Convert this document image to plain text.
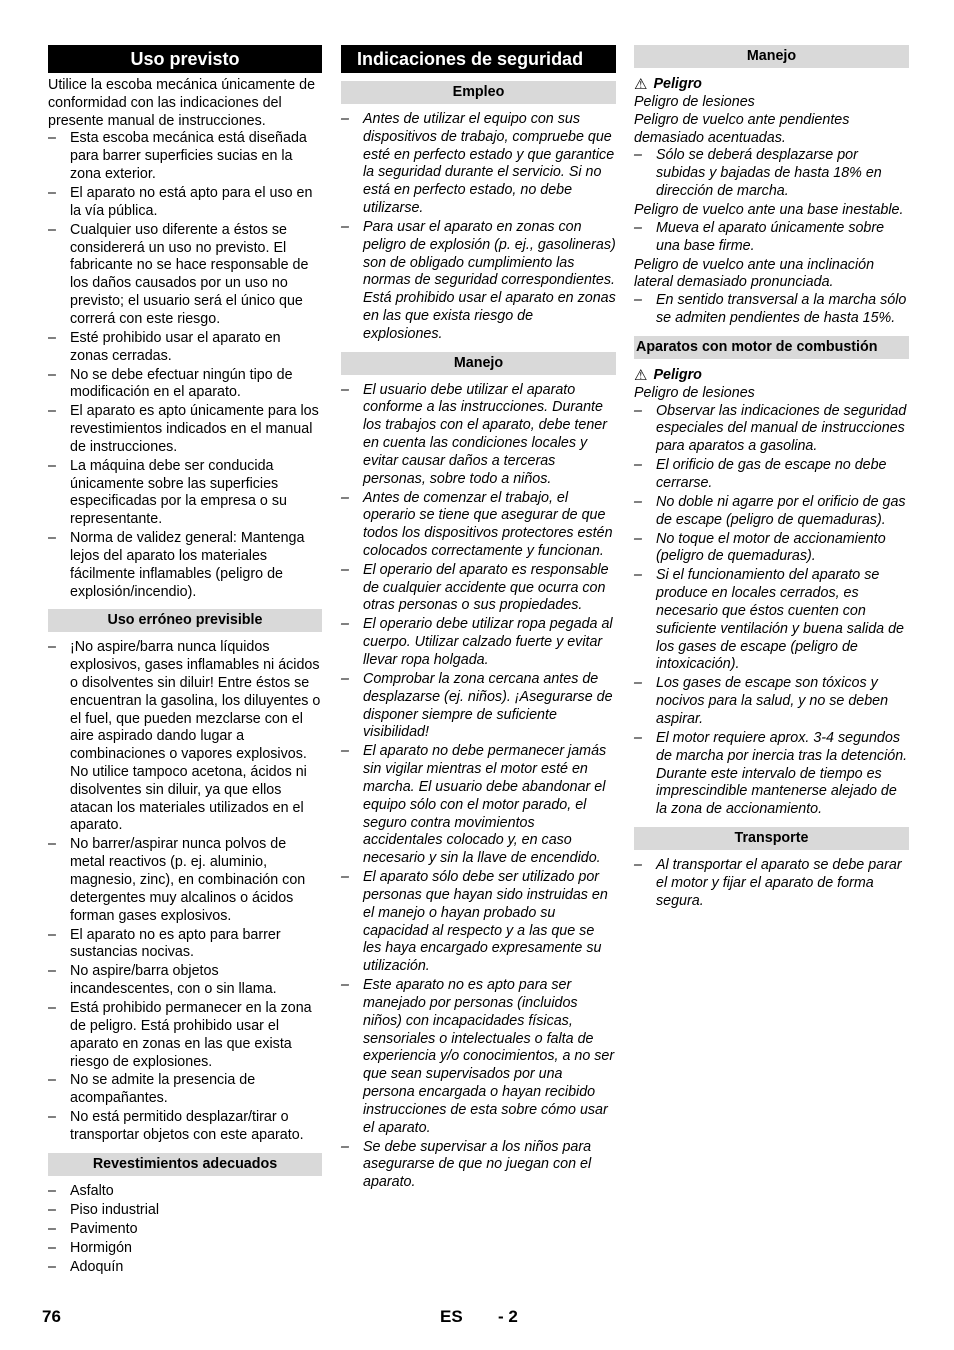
Uso previsto

Utilice la escoba mecánica únicamente de conformidad con las indicaciones del presente manual de instrucciones.

– Esta escoba mecánica está diseñada para barrer superficies sucias en la zona exterior.
– El aparato no está apto para el uso en la vía pública.
– Cualquier uso diferente a éstos se considererá un uso no previsto. El fabricante no se hace responsable de los daños causados por un uso no previsto; el usuario será el único que correrá con este riesgo.
– Esté prohibido usar el aparato en zonas cerradas.
– No se debe efectuar ningún tipo de modificación en el aparato.
– El aparato es apto únicamente para los revestimientos indicados en el manual de instrucciones.
– La máquina debe ser conducida únicamente sobre las superficies especificadas por la empresa o su representante.
– Norma de validez general: Mantenga lejos del aparato los materiales fácilmente inflamables (peligro de explosión/incendio).
Uso erróneo previsible
– ¡No aspire/barra nunca líquidos explosivos, gases inflamables ni ácidos o disolventes sin diluir! Entre éstos se encuentran la gasolina, los diluyentes o el fuel, que pueden mezclarse con el aire aspirado dando lugar a combinaciones o vapores explosivos. No utilice tampoco acetona, ácidos ni disolventes sin diluir, ya que ellos atacan los materiales utilizados en el aparato.
– No barrer/aspirar nunca polvos de metal reactivos (p. ej. aluminio, magnesio, zinc), en combinación con detergentes muy alcalinos o ácidos forman gases explosivos.
– El aparato no es apto para barrer sustancias nocivas.
– No aspire/barra objetos incandescentes, con o sin llama.
– Está prohibido permanecer en la zona de peligro. Está prohibido usar el aparato en zonas en las que exista riesgo de explosiones.
– No se admite la presencia de acompañantes.
– No está permitido desplazar/tirar o transportar objetos con este aparato.
Revestimientos adecuados
– Asfalto
– Piso industrial
– Pavimento
– Hormigón
– Adoquín
Indicaciones de seguridad
Empleo
– Antes de utilizar el equipo con sus dispositivos de trabajo, compruebe que esté en perfecto estado y que garantice la seguridad durante el servicio. Si no está en perfecto estado, no debe utilizarse.
– Para usar el aparato en zonas con peligro de explosión (p. ej., gasolineras) son de obligado cumplimiento las normas de seguridad correspondientes. Está prohibido usar el aparato en zonas en las que exista riesgo de explosiones.
Manejo
– El usuario debe utilizar el aparato conforme a las instrucciones. Durante los trabajos con el aparato, debe tener en cuenta las condiciones locales y evitar causar daños a terceras personas, sobre todo a niños.
– Antes de comenzar el trabajo, el operario se tiene que asegurar de que todos los dispositivos protectores estén colocados correctamente y funcionan.
– El operario del aparato es responsable de cualquier accidente que ocurra con otras personas o sus propiedades.
– El operario debe utilizar ropa pegada al cuerpo. Utilizar calzado fuerte y evitar llevar ropa holgada.
– Comprobar la zona cercana antes de desplazarse (ej. niños). ¡Asegurarse de disponer siempre de suficiente visibilidad!
– El aparato no debe permanecer jamás sin vigilar mientras el motor esté en marcha. El usuario debe abandonar el equipo sólo con el motor parado, el seguro contra movimientos accidentales colocado y, en caso necesario y sin la llave de encendido.
– El aparato sólo debe ser utilizado por personas que hayan sido instruidas en el manejo o hayan probado su capacidad al respecto y a las que se les haya encargado expresamente su utilización.
– Este aparato no es apto para ser manejado por personas (incluidos niños) con incapacidades físicas, sensoriales o intelectuales o falta de experiencia y/o conocimientos, a no ser que sean supervisados por una persona encargada o hayan recibido instrucciones de esta sobre cómo usar el aparato.
– Se debe supervisar a los niños para asegurarse de que no juegan con el aparato.
Manejo
⚠ Peligro

Peligro de lesiones

Peligro de vuelco ante pendientes demasiado acentuadas.

– Sólo se deberá desplazarse por subidas y bajadas de hasta 18% en dirección de marcha.

Peligro de vuelco ante una base inestable.

– Mueva el aparato únicamente sobre una base firme.

Peligro de vuelco ante una inclinación lateral demasiado pronunciada.

– En sentido transversal a la marcha sólo se admiten pendientes de hasta 15%.
Aparatos con motor de combustión
⚠ Peligro

Peligro de lesiones

– Observar las indicaciones de seguridad especiales del manual de instrucciones para aparatos a gasolina.
– El orificio de gas de escape no debe cerrarse.
– No doble ni agarre por el orificio de gas de escape (peligro de quemaduras).
– No toque el motor de accionamiento (peligro de quemaduras).
– Si el funcionamiento del aparato se produce en locales cerrados, es necesario que éstos cuenten con suficiente ventilación y buena salida de los gases de escape (peligro de intoxicación).
– Los gases de escape son tóxicos y nocivos para la salud, y no se deben aspirar.
– El motor requiere aprox. 3-4 segundos de marcha por inercia tras la detención. Durante este intervalo de tiempo es imprescindible mantenerse alejado de la zona de accionamiento.
Transporte
– Al transportar el aparato se debe parar el motor y fijar el aparato de forma segura.
76	ES - 2
